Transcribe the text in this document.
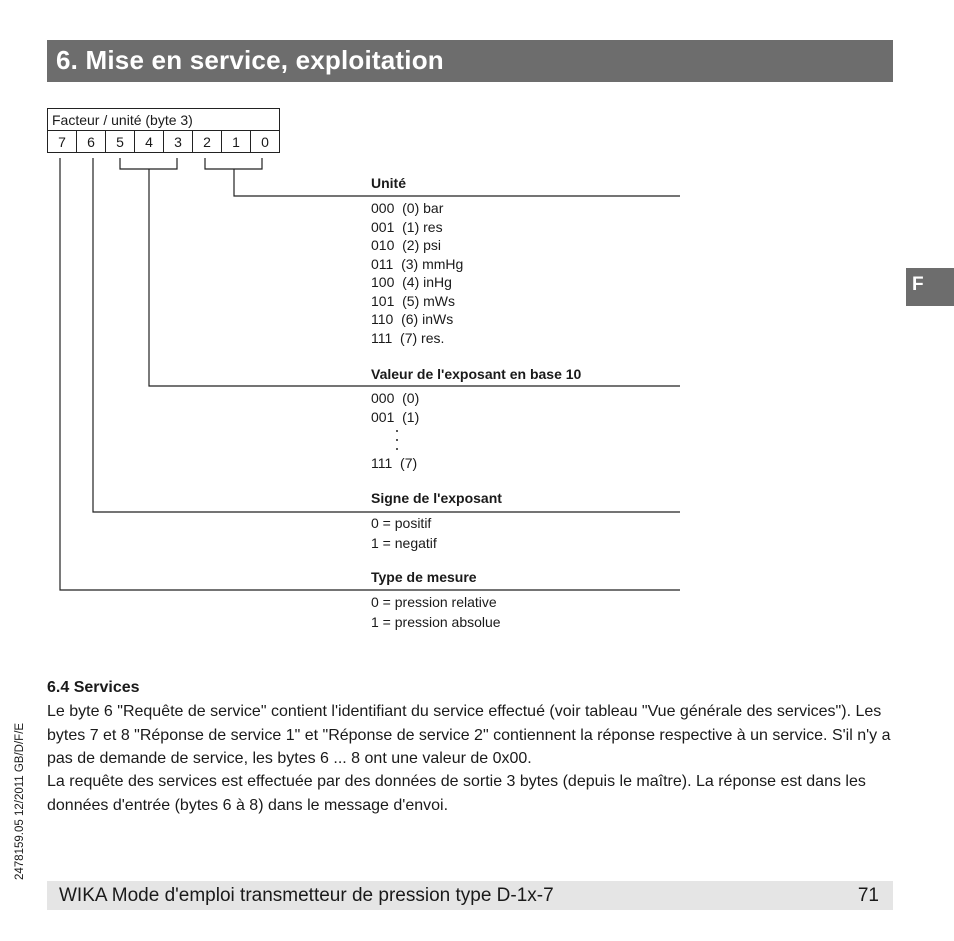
6. Mise en service, exploitation
F
Facteur / unité (byte 3)
7	6	5	4	3	2	1	0
Unité
000  (0) bar
001  (1) res
010  (2) psi
011  (3) mmHg
100  (4) inHg
101  (5) mWs
110  (6) inWs
111  (7) res.
Valeur de l'exposant en base 10
000  (0)
001  (1)
111  (7)
Signe de l'exposant
0 = positif
1 = negatif
Type de mesure
0 = pression relative
1 = pression absolue
6.4 Services
Le byte 6 "Requête de service" contient l'identifiant du service effectué (voir tableau "Vue générale des services"). Les bytes 7 et 8 "Réponse de service 1" et "Réponse de service 2" contiennent la réponse respective à un service. S'il n'y a pas de demande de service, les bytes 6 ... 8 ont une valeur de 0x00.
La requête des services est effectuée par des données de sortie 3 bytes (depuis le maître). La réponse est dans les données d'entrée (bytes 6 à 8) dans le message d'envoi.
2478159.05 12/2011 GB/D/F/E
WIKA Mode d'emploi transmetteur de pression type D-1x-7	71
